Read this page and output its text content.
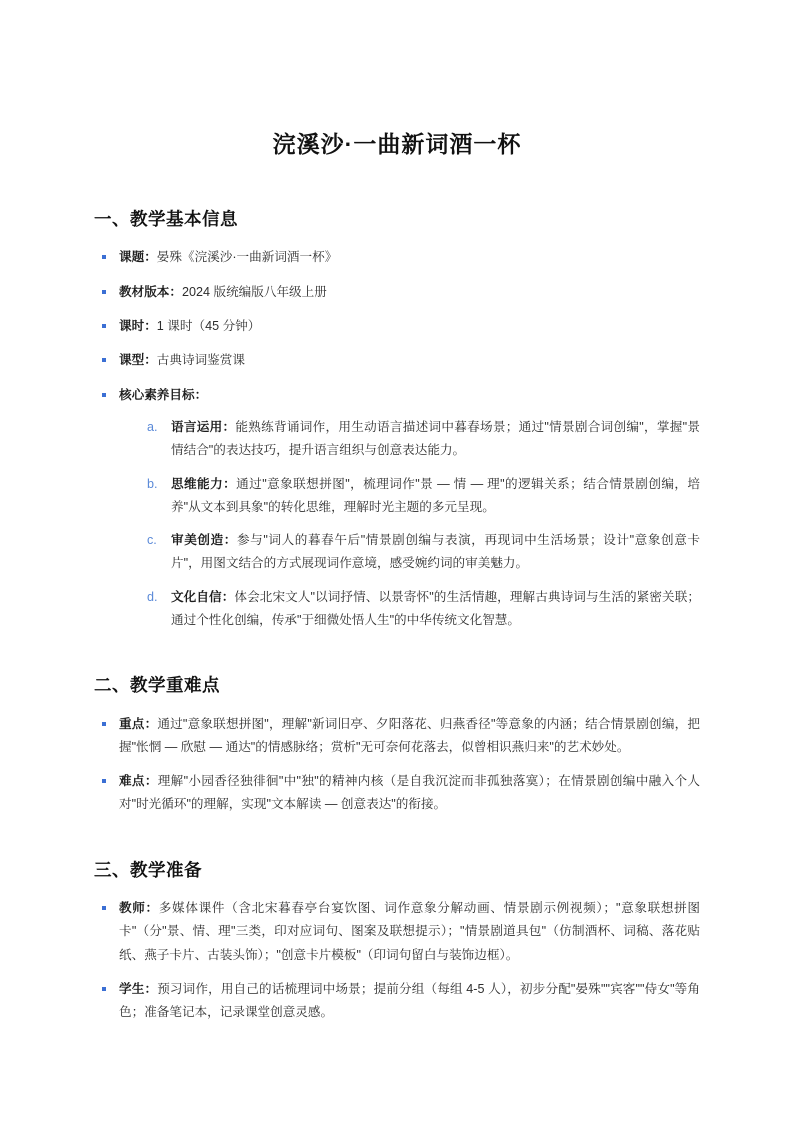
浣溪沙·一曲新词酒一杯
一、教学基本信息
课题：晏殊《浣溪沙·一曲新词酒一杯》
教材版本：2024 版统编版八年级上册
课时：1 课时（45 分钟）
课型：古典诗词鉴赏课
核心素养目标：
语言运用：能熟练背诵词作，用生动语言描述词中暮春场景；通过"情景剧合词创编"，掌握"景情结合"的表达技巧，提升语言组织与创意表达能力。
思维能力：通过"意象联想拼图"，梳理词作"景 — 情 — 理"的逻辑关系；结合情景剧创编，培养"从文本到具象"的转化思维，理解时光主题的多元呈现。
审美创造：参与"词人的暮春午后"情景剧创编与表演，再现词中生活场景；设计"意象创意卡片"，用图文结合的方式展现词作意境，感受婉约词的审美魅力。
文化自信：体会北宋文人"以词抒情、以景寄怀"的生活情趣，理解古典诗词与生活的紧密关联；通过个性化创编，传承"于细微处悟人生"的中华传统文化智慧。
二、教学重难点
重点：通过"意象联想拼图"，理解"新词旧亭、夕阳落花、归燕香径"等意象的内涵；结合情景剧创编，把握"怅惘 — 欣慰 — 通达"的情感脉络；赏析"无可奈何花落去，似曾相识燕归来"的艺术妙处。
难点：理解"小园香径独徘徊"中"独"的精神内核（是自我沉淀而非孤独落寞）；在情景剧创编中融入个人对"时光循环"的理解，实现"文本解读 — 创意表达"的衔接。
三、教学准备
教师：多媒体课件（含北宋暮春亭台宴饮图、词作意象分解动画、情景剧示例视频）；"意象联想拼图卡"（分"景、情、理"三类，印对应词句、图案及联想提示）；"情景剧道具包"（仿制酒杯、词稿、落花贴纸、燕子卡片、古装头饰）；"创意卡片模板"（印词句留白与装饰边框）。
学生：预习词作，用自己的话梳理词中场景；提前分组（每组 4-5 人），初步分配"晏殊""宾客""侍女"等角色；准备笔记本，记录课堂创意灵感。
